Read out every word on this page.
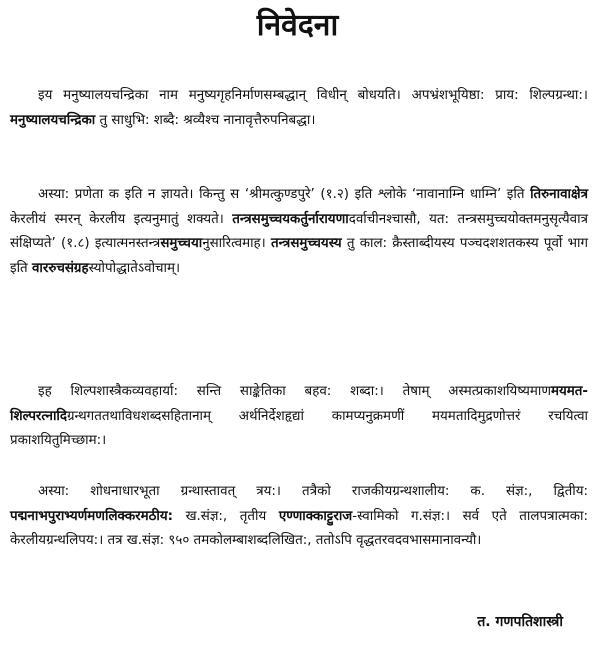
निवेदना

इय मनुष्यालयचन्द्रिका नाम मनुष्यगृहनिर्माणसम्बद्धान् विधीन् बोधयति। अपभ्रंशभूयिष्ठा: प्राय: शिल्पग्रन्था:। मनुष्यालयचन्द्रिका तु साधुभि: शब्दै: श्रव्यैश्च नानावृत्तैरुपनिबद्धा।

अस्या: प्रणेता क इति न ज्ञायते। किन्तु स ‘श्रीमत्कुण्डपुरे’ (१.२) इति श्लोके ‘नावानाम्नि धाम्नि’ इति तिरुनावाक्षेत्र केरलीयं स्मरन् केरलीय इत्यनुमातुं शक्यते। तन्त्रसमुच्चयकर्तुर्नारायणादर्वाचीनश्चासौ, यत: तन्त्रसमुच्चयोक्तमनुसृत्यैवात्र संक्षिप्यते’ (१.८) इत्यात्मनस्तन्त्रसमुच्चयानुसारित्वमाह। तन्त्रसमुच्चयस्य तु काल: क्रैस्ताब्दीयस्य पञ्चदशशतकस्य पूर्वो भाग इति वाररुचसंग्रहस्योपोद्धातेऽवोचाम्।

इह शिल्पशास्त्रैकव्यवहार्या: सन्ति साङ्केतिका बहव: शब्दा:। तेषाम् अस्मत्प्रकाशयिष्यमाणमयमत-शिल्परत्नादिग्रन्थगततथाविधशब्दसहितानाम् अर्थनिर्देशहृद्यां कामप्यनुक्रमणीं मयमतादिमुद्रणोत्तरं रचयित्वा प्रकाशयितुमिच्छाम:।

अस्या: शोधनाधारभूता ग्रन्थास्तावत् त्रय:। तत्रैको राजकीयग्रन्थशालीय: क. संज्ञ:, द्वितीय: पद्मनाभपुराभ्यर्णमणलिक्करमठीय: ख.संज्ञ:, तृतीय एण्णाक्काट्टुराज-स्वामिको ग.संज्ञ:। सर्व एते तालपत्रात्मका: केरलीयग्रन्थलिपय:। तत्र ख.संज्ञ: ९५० तमकोलम्बाशब्दलिखित:, ततोऽपि वृद्धतरवदवभासमानावन्यौ।

त. गणपतिशास्त्री
